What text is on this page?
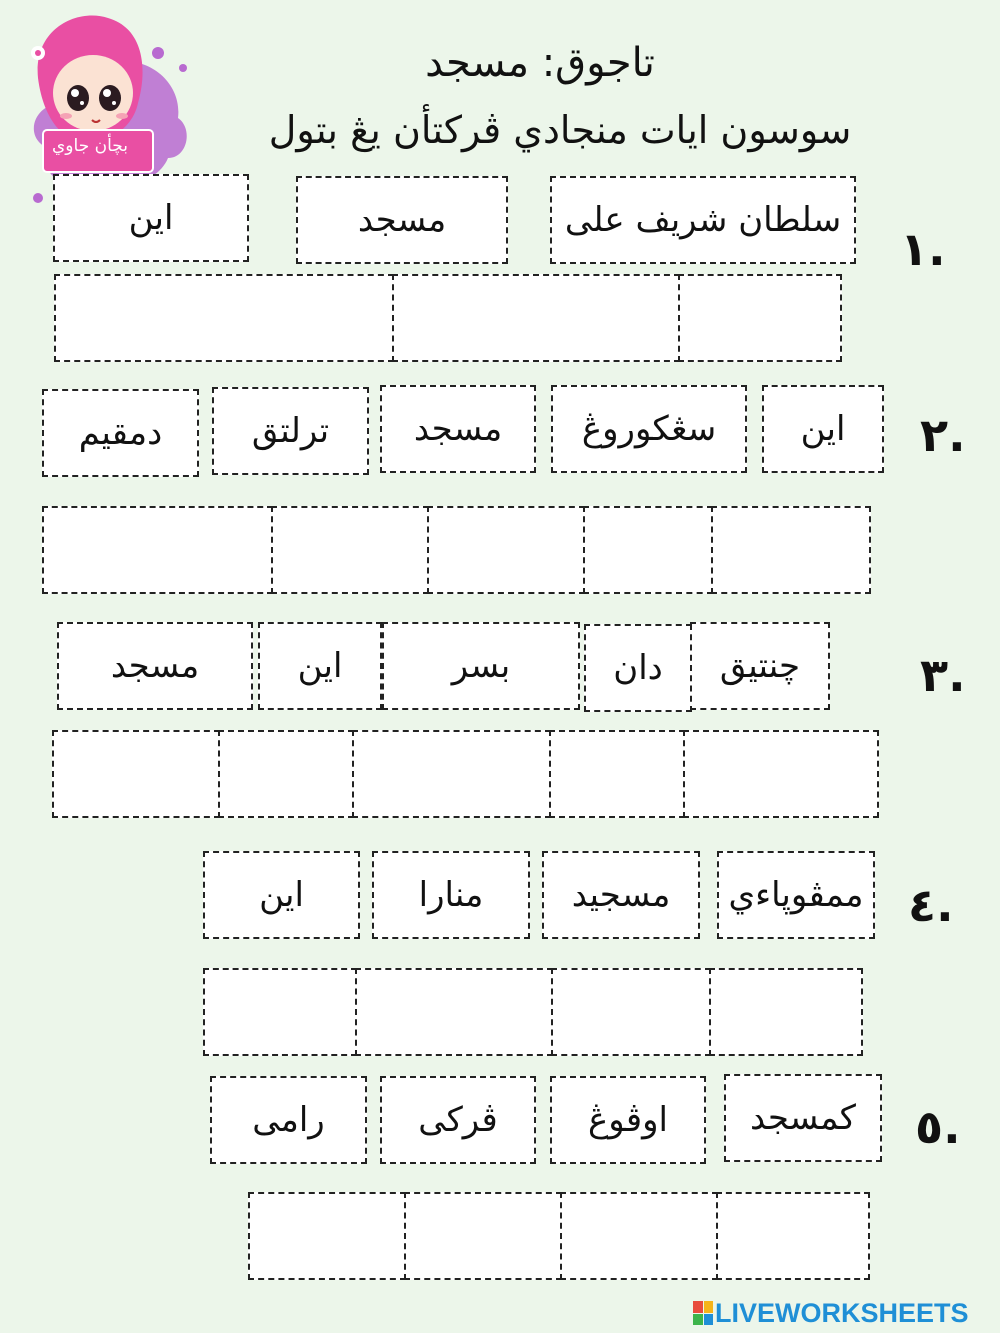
بچأن جاوي
تاجوق: مسجد
سوسون ايات منجادي ڤركتأن يڠ بتول
١.
سلطان شريف على
مسجد
اين
٢.
اين
سڠكوروڠ
مسجد
ترلتق
دمقيم
٣.
چنتيق
دان
بسر
اين
مسجد
٤.
ممڤوڽاءي
مسجيد
منارا
اين
٥.
كمسجد
اوڤوڠ
ڤركى
رامى
LIVEWORKSHEETS
